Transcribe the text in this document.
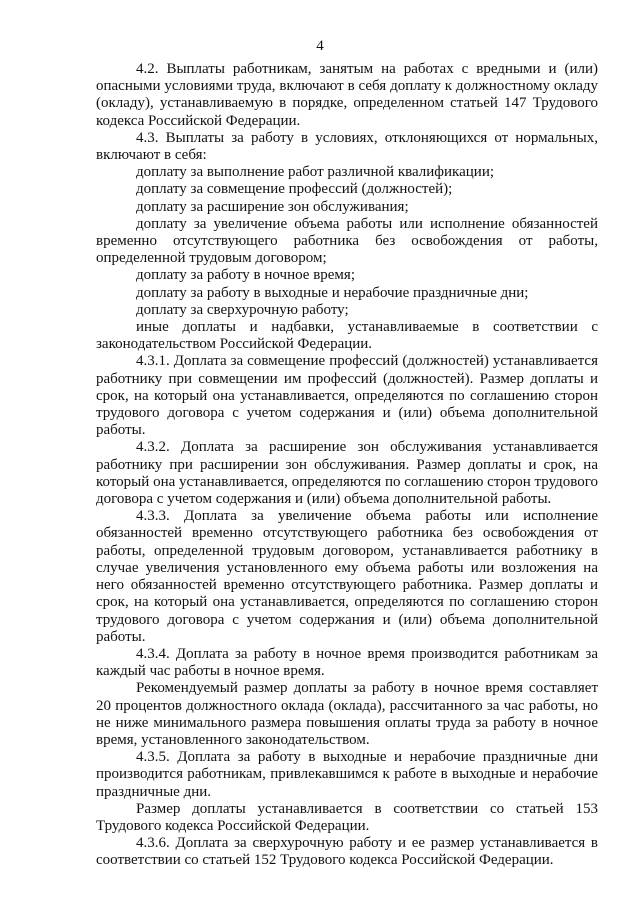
4

4.2. Выплаты работникам, занятым на работах с вредными и (или) опасными условиями труда, включают в себя доплату к должностному окладу (окладу), устанавливаемую в порядке, определенном статьей 147 Трудового кодекса Российской Федерации.

4.3. Выплаты за работу в условиях, отклоняющихся от нормальных, включают в себя:

доплату за выполнение работ различной квалификации;

доплату за совмещение профессий (должностей);

доплату за расширение зон обслуживания;

доплату за увеличение объема работы или исполнение обязанностей временно отсутствующего работника без освобождения от работы, определенной трудовым договором;

доплату за работу в ночное время;

доплату за работу в выходные и нерабочие праздничные дни;

доплату за сверхурочную работу;

иные доплаты и надбавки, устанавливаемые в соответствии с законодательством Российской Федерации.

4.3.1. Доплата за совмещение профессий (должностей) устанавливается работнику при совмещении им профессий (должностей). Размер доплаты и срок, на который она устанавливается, определяются по соглашению сторон трудового договора с учетом содержания и (или) объема дополнительной работы.

4.3.2. Доплата за расширение зон обслуживания устанавливается работнику при расширении зон обслуживания. Размер доплаты и срок, на который она устанавливается, определяются по соглашению сторон трудового договора с учетом содержания и (или) объема дополнительной работы.

4.3.3. Доплата за увеличение объема работы или исполнение обязанностей временно отсутствующего работника без освобождения от работы, определенной трудовым договором, устанавливается работнику в случае увеличения установленного ему объема работы или возложения на него обязанностей временно отсутствующего работника. Размер доплаты и срок, на который она устанавливается, определяются по соглашению сторон трудового договора с учетом содержания и (или) объема дополнительной работы.

4.3.4. Доплата за работу в ночное время производится работникам за каждый час работы в ночное время.

Рекомендуемый размер доплаты за работу в ночное время составляет 20 процентов должностного оклада (оклада), рассчитанного за час работы, но не ниже минимального размера повышения оплаты труда за работу в ночное время, установленного законодательством.

4.3.5. Доплата за работу в выходные и нерабочие праздничные дни производится работникам, привлекавшимся к работе в выходные и нерабочие праздничные дни.

Размер доплаты устанавливается в соответствии со статьей 153 Трудового кодекса Российской Федерации.

4.3.6. Доплата за сверхурочную работу и ее размер устанавливается в соответствии со статьей 152 Трудового кодекса Российской Федерации.
